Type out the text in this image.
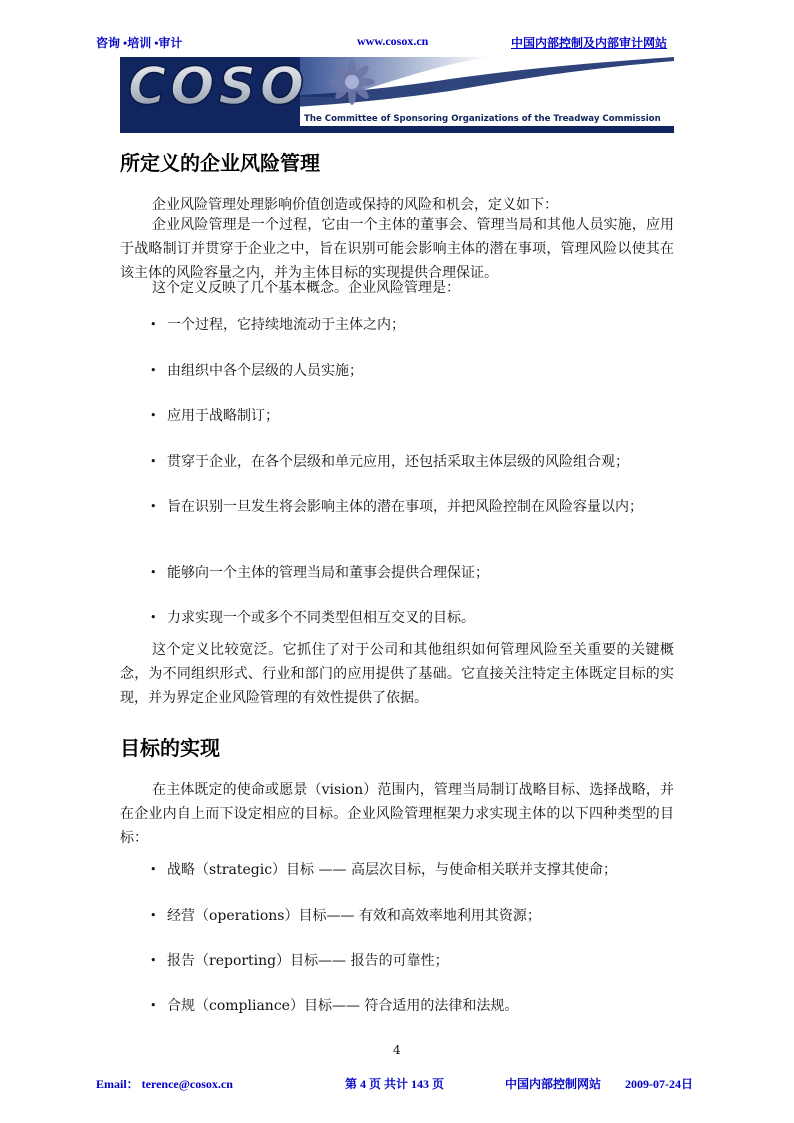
咨询 •培训 •审计	www.cosox.cn	中国内部控制及内部审计网站
COSO
The Committee of Sponsoring Organizations of the Treadway Commission
所定义的企业风险管理

企业风险管理处理影响价值创造或保持的风险和机会，定义如下：

企业风险管理是一个过程，它由一个主体的董事会、管理当局和其他人员实施，应用于战略制订并贯穿于企业之中，旨在识别可能会影响主体的潜在事项，管理风险以使其在该主体的风险容量之内，并为主体目标的实现提供合理保证。

这个定义反映了几个基本概念。企业风险管理是：

• 一个过程，它持续地流动于主体之内；
• 由组织中各个层级的人员实施；
• 应用于战略制订；
• 贯穿于企业，在各个层级和单元应用，还包括采取主体层级的风险组合观；
• 旨在识别一旦发生将会影响主体的潜在事项，并把风险控制在风险容量以内；
• 能够向一个主体的管理当局和董事会提供合理保证；
• 力求实现一个或多个不同类型但相互交叉的目标。

这个定义比较宽泛。它抓住了对于公司和其他组织如何管理风险至关重要的关键概念，为不同组织形式、行业和部门的应用提供了基础。它直接关注特定主体既定目标的实现，并为界定企业风险管理的有效性提供了依据。

目标的实现

在主体既定的使命或愿景（vision）范围内，管理当局制订战略目标、选择战略，并在企业内自上而下设定相应的目标。企业风险管理框架力求实现主体的以下四种类型的目标：

• 战略（strategic）目标 —— 高层次目标，与使命相关联并支撑其使命；
• 经营（operations）目标—— 有效和高效率地利用其资源；
• 报告（reporting）目标—— 报告的可靠性；
• 合规（compliance）目标—— 符合适用的法律和法规。
4
Email： terence@cosox.cn	第 4 页 共计 143 页	中国内部控制网站 2009-07-24日
